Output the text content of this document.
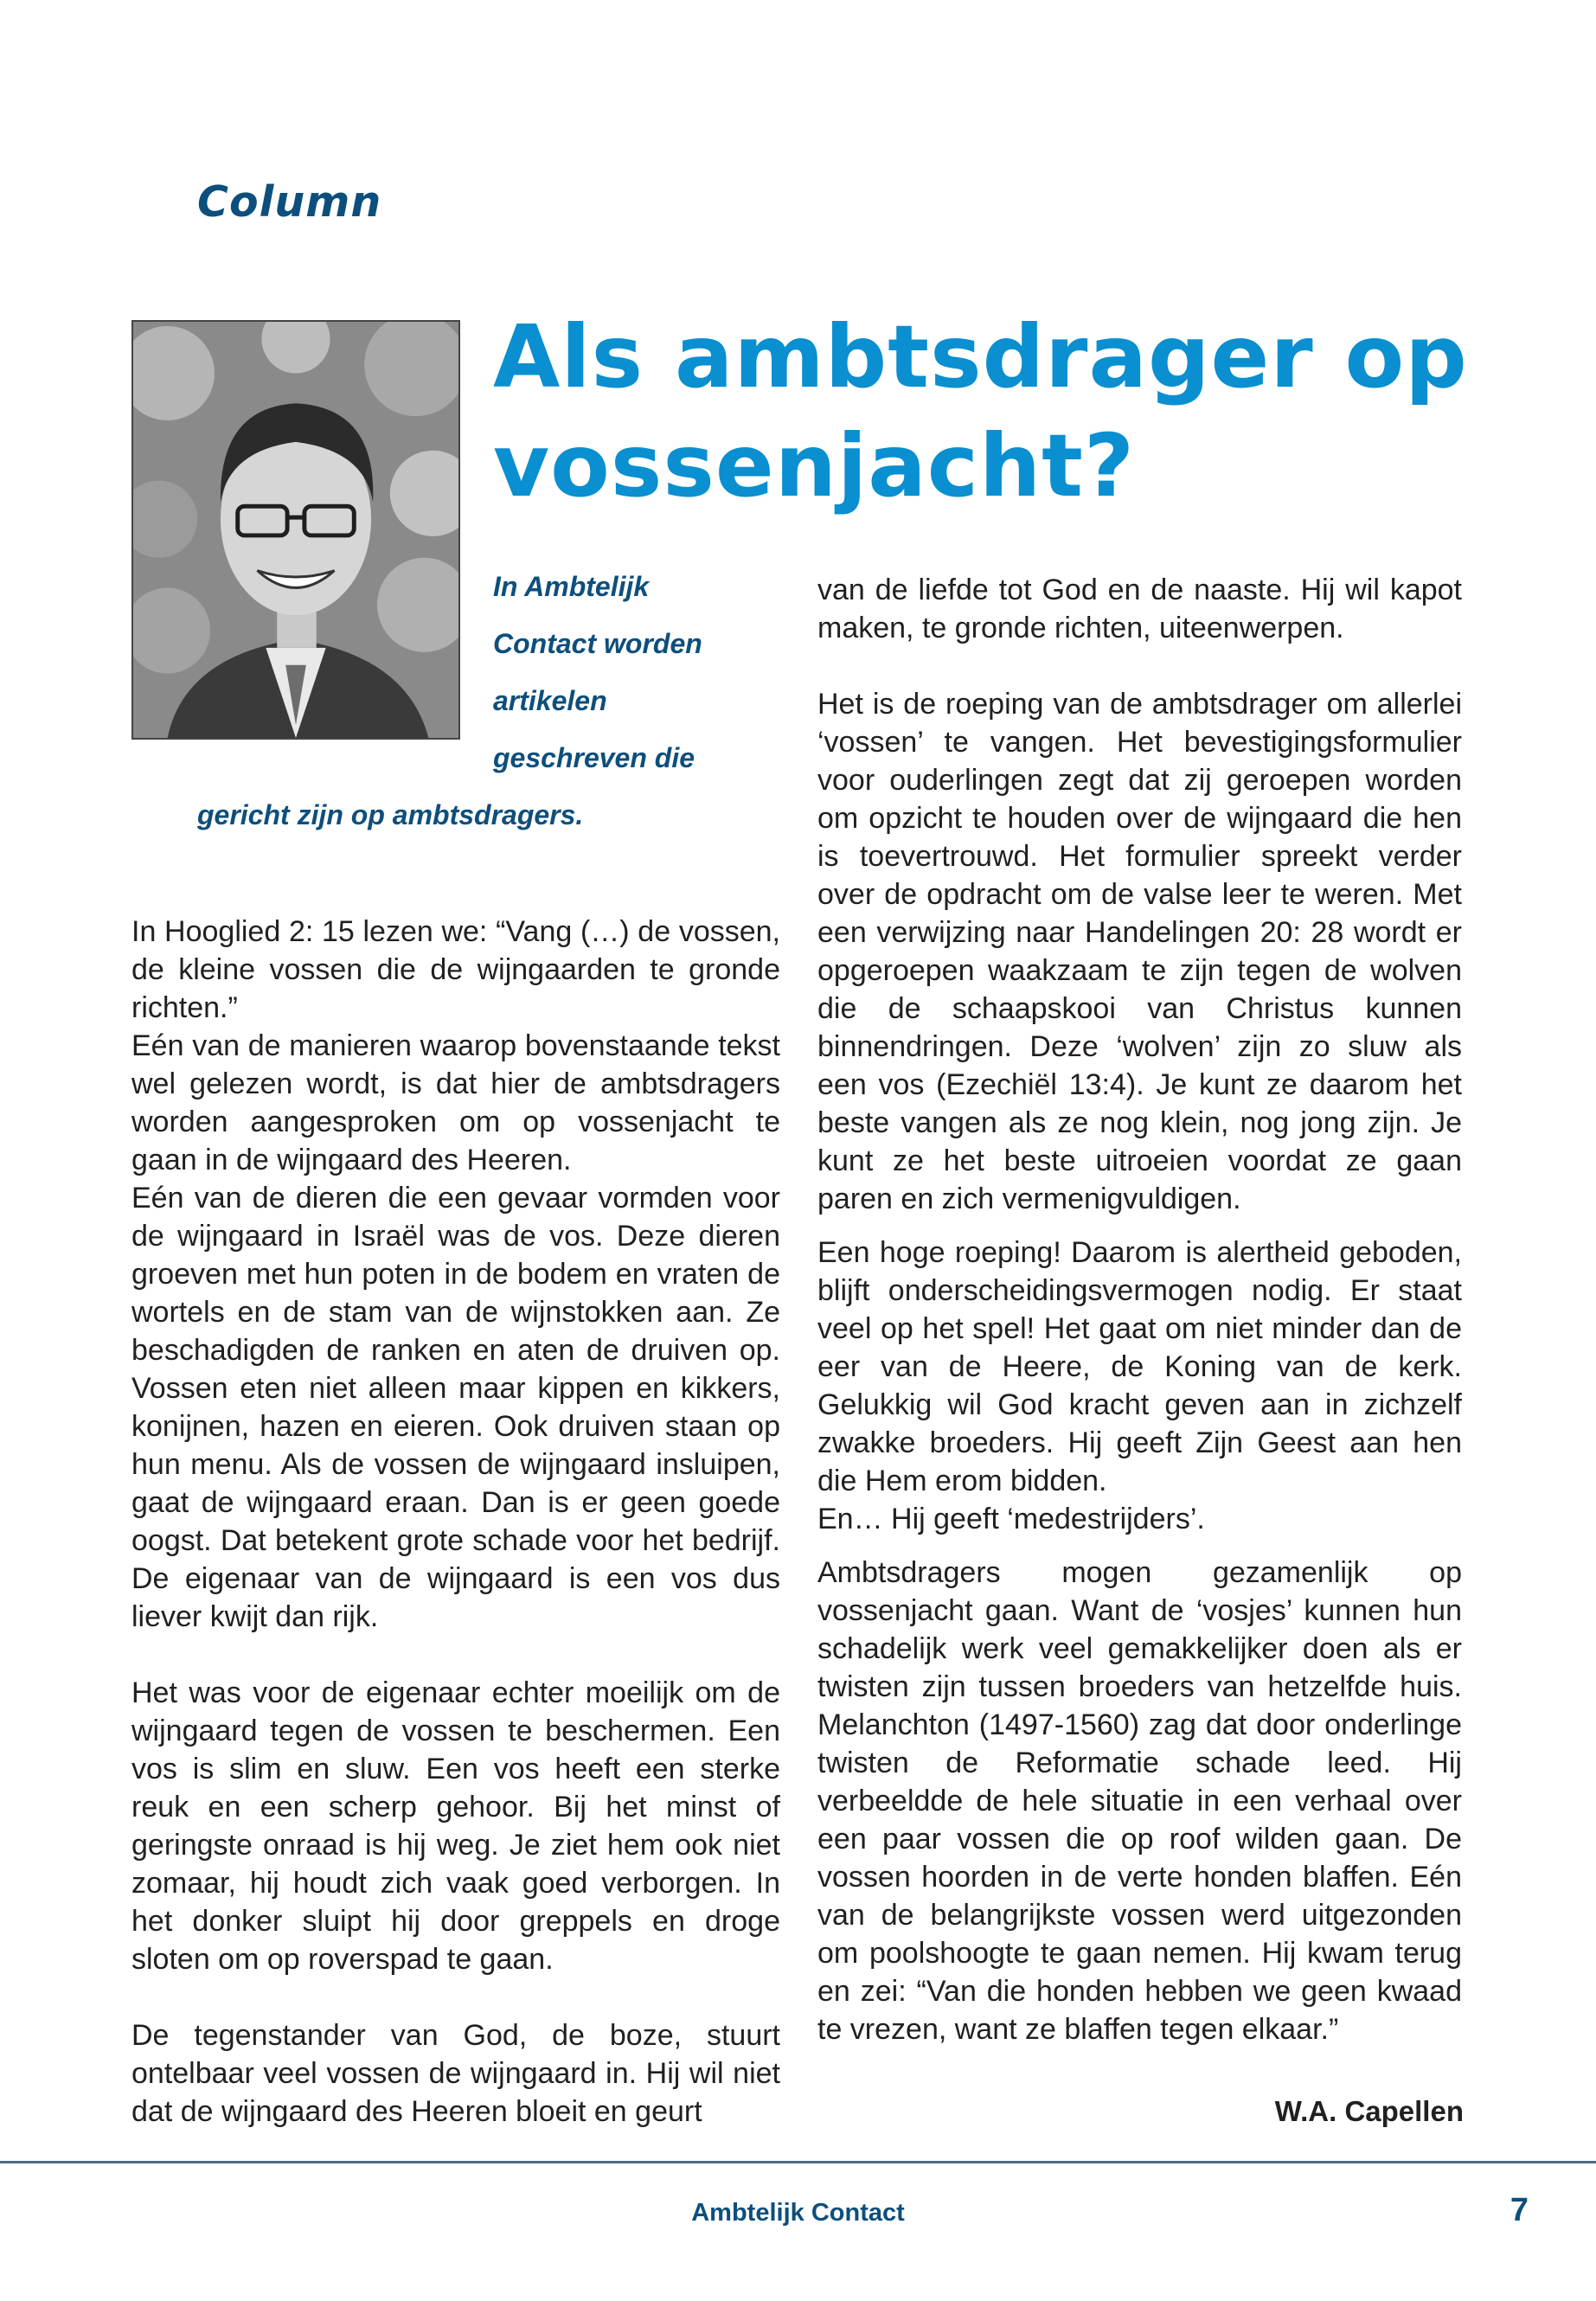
Column
Als ambtsdrager op
vossenjacht?
In Ambtelijk
Contact worden
artikelen
geschreven die
gericht zijn op ambtsdragers.

In Hooglied 2: 15 lezen we: “Vang (…) de vossen, de kleine vossen die de wijngaarden te gronde richten.”

Eén van de manieren waarop bovenstaande tekst wel gelezen wordt, is dat hier de ambtsdragers worden aangesproken om op vossenjacht te gaan in de wijngaard des Heeren.

Eén van de dieren die een gevaar vormden voor de wijngaard in Israël was de vos. Deze dieren groeven met hun poten in de bodem en vraten de wortels en de stam van de wijnstokken aan. Ze beschadigden de ranken en aten de druiven op. Vossen eten niet alleen maar kippen en kikkers, konijnen, hazen en eieren. Ook druiven staan op hun menu. Als de vossen de wijngaard insluipen, gaat de wijngaard eraan. Dan is er geen goede oogst. Dat betekent grote schade voor het bedrijf. De eigenaar van de wijngaard is een vos dus liever kwijt dan rijk.

Het was voor de eigenaar echter moeilijk om de wijngaard tegen de vossen te beschermen. Een vos is slim en sluw. Een vos heeft een sterke reuk en een scherp gehoor. Bij het minst of geringste onraad is hij weg. Je ziet hem ook niet zomaar, hij houdt zich vaak goed verborgen. In het donker sluipt hij door greppels en droge sloten om op roverspad te gaan.

De tegenstander van God, de boze, stuurt ontelbaar veel vossen de wijngaard in. Hij wil niet dat de wijngaard des Heeren bloeit en geurt

van de liefde tot God en de naaste. Hij wil kapot maken, te gronde richten, uiteenwerpen.

Het is de roeping van de ambtsdrager om allerlei ‘vossen’ te vangen. Het bevestigingsformulier voor ouderlingen zegt dat zij geroepen worden om opzicht te houden over de wijngaard die hen is toevertrouwd. Het formulier spreekt verder over de opdracht om de valse leer te weren. Met een verwijzing naar Handelingen 20: 28 wordt er opgeroepen waakzaam te zijn tegen de wolven die de schaapskooi van Christus kunnen binnendringen. Deze ‘wolven’ zijn zo sluw als een vos (Ezechiël 13:4). Je kunt ze daarom het beste vangen als ze nog klein, nog jong zijn. Je kunt ze het beste uitroeien voordat ze gaan paren en zich vermenigvuldigen.

Een hoge roeping! Daarom is alertheid geboden, blijft onderscheidingsvermogen nodig. Er staat veel op het spel! Het gaat om niet minder dan de eer van de Heere, de Koning van de kerk. Gelukkig wil God kracht geven aan in zichzelf zwakke broeders. Hij geeft Zijn Geest aan hen die Hem erom bidden.

En… Hij geeft ‘medestrijders’.

Ambtsdragers mogen gezamenlijk op vossenjacht gaan. Want de ‘vosjes’ kunnen hun schadelijk werk veel gemakkelijker doen als er twisten zijn tussen broeders van hetzelfde huis. Melanchton (1497-1560) zag dat door onderlinge twisten de Reformatie schade leed. Hij verbeeldde de hele situatie in een verhaal over een paar vossen die op roof wilden gaan. De vossen hoorden in de verte honden blaffen. Eén van de belangrijkste vossen werd uitgezonden om poolshoogte te gaan nemen. Hij kwam terug en zei: “Van die honden hebben we geen kwaad te vrezen, want ze blaffen tegen elkaar.”

W.A. Capellen

Ambtelijk Contact	7
